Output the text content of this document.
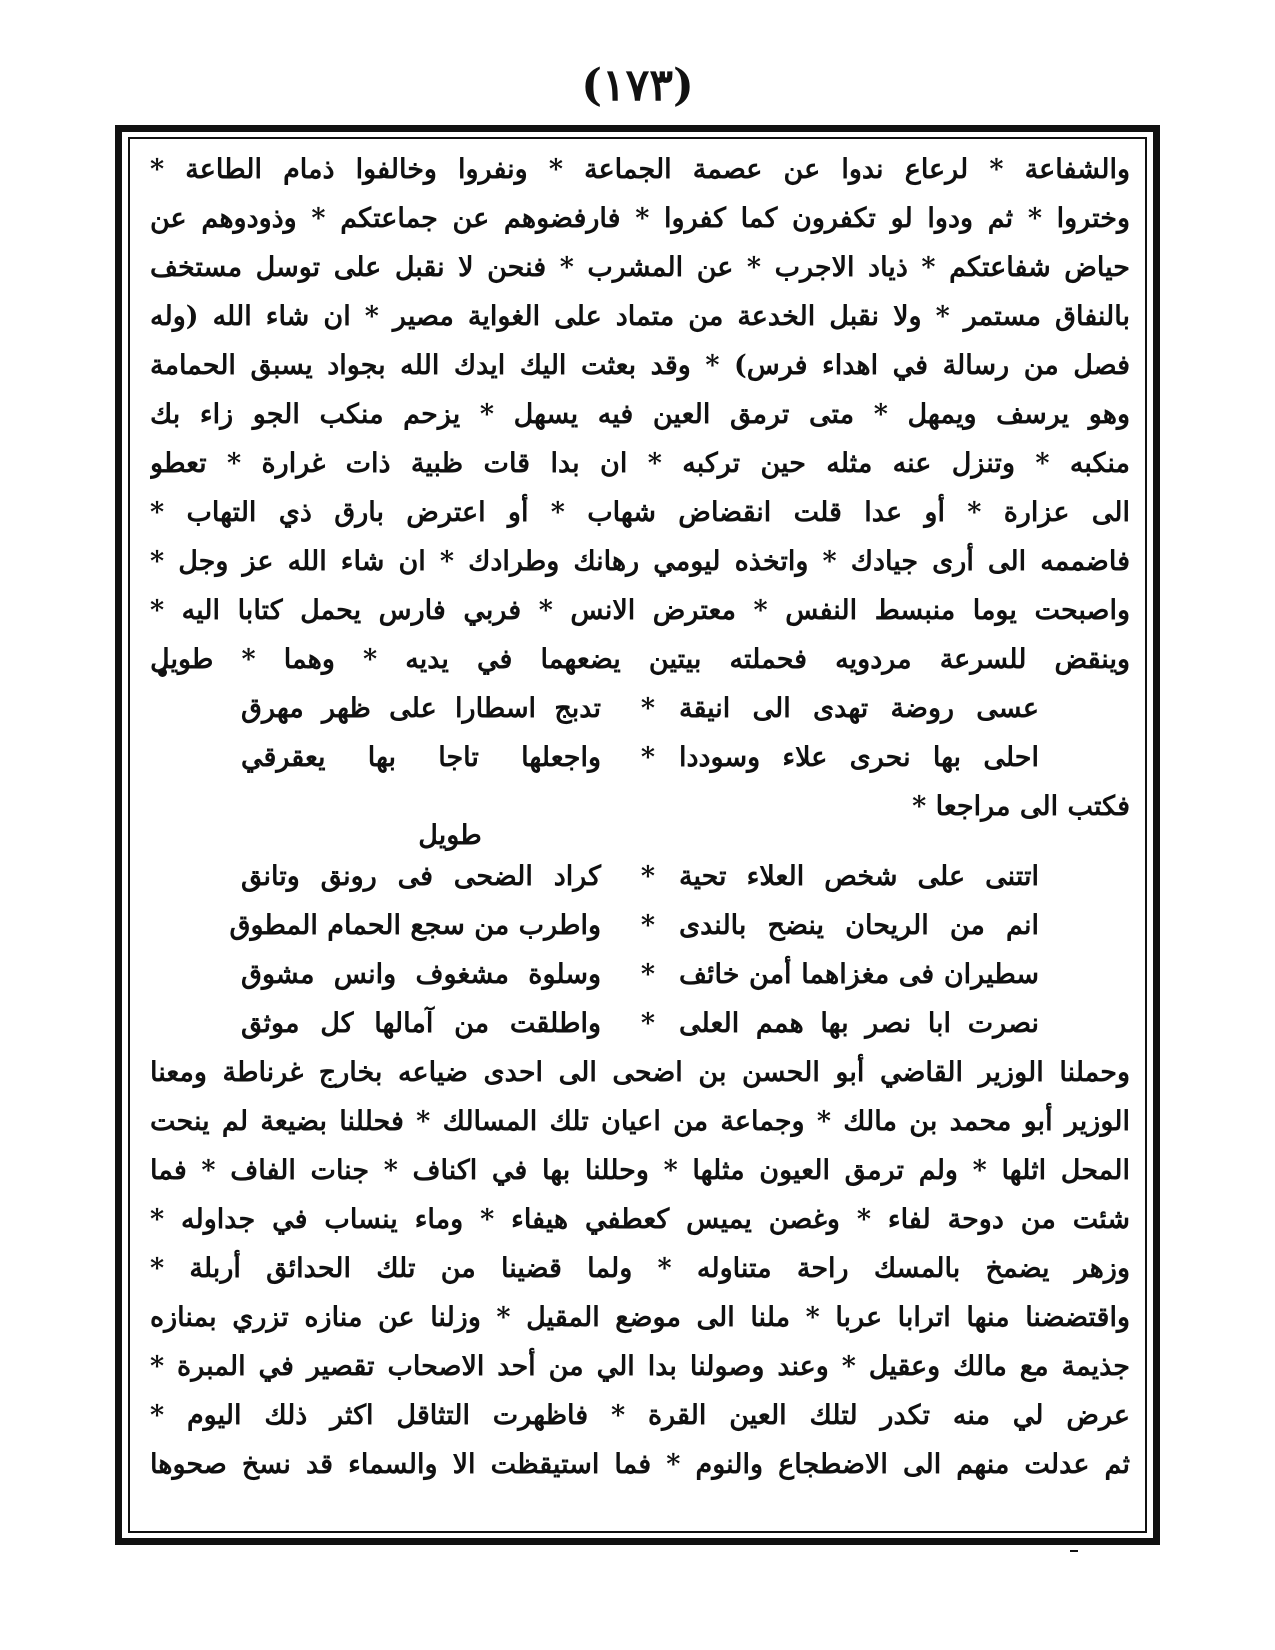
(١٧٣)
والشفاعة * لرعاع ندوا عن عصمة الجماعة * ونفروا وخالفوا ذمام الطاعة *
وختروا * ثم ودوا لو تكفرون كما كفروا * فارفضوهم عن جماعتكم * وذودوهم عن
حياض شفاعتكم * ذياد الاجرب * عن المشرب * فنحن لا نقبل على توسل مستخف
بالنفاق مستمر * ولا نقبل الخدعة من متماد على الغواية مصير * ان شاء الله (وله
فصل من رسالة في اهداء فرس) * وقد بعثت اليك ايدك الله بجواد يسبق الحمامة
وهو يرسف ويمهل * متى ترمق العين فيه يسهل * يزحم منكب الجو زاء بك
منكبه * وتنزل عنه مثله حين تركبه * ان بدا قات ظبية ذات غرارة * تعطو
الى عزارة * أو عدا قلت انقضاض شهاب * أو اعترض بارق ذي التهاب *
فاضممه الى أرى جيادك * واتخذه ليومي رهانك وطرادك * ان شاء الله عز وجل *
واصبحت يوما منبسط النفس * معترض الانس * فربي فارس يحمل كتابا اليه *
وينقض للسرعة مردويه فحملته بيتين يضعهما في يديه * وهما * طويل
عسى روضة تهدى الى انيقة
*
تدبج اسطارا على ظهر مهرق
احلى بها نحرى علاء وسوددا
*
واجعلها تاجا بها يعقرقي
فكتب الى مراجعا *
طويل
اتتنى على شخص العلاء تحية
*
كراد الضحى فى رونق وتانق
انم من الريحان ينضح بالندى
*
واطرب من سجع الحمام المطوق
سطيران فى مغزاهما أمن خائف
*
وسلوة مشغوف وانس مشوق
نصرت ابا نصر بها همم العلى
*
واطلقت من آمالها كل موثق
وحملنا الوزير القاضي أبو الحسن بن اضحى الى احدى ضياعه بخارج غرناطة ومعنا
الوزير أبو محمد بن مالك * وجماعة من اعيان تلك المسالك * فحللنا بضيعة لم ينحت
المحل اثلها * ولم ترمق العيون مثلها * وحللنا بها في اكناف * جنات الفاف * فما
شئت من دوحة لفاء * وغصن يميس كعطفي هيفاء * وماء ينساب في جداوله *
وزهر يضمخ بالمسك راحة متناوله * ولما قضينا من تلك الحدائق أربلة *
واقتضضنا منها اترابا عربا * ملنا الى موضع المقيل * وزلنا عن منازه تزري بمنازه
جذيمة مع مالك وعقيل * وعند وصولنا بدا الي من أحد الاصحاب تقصير في المبرة *
عرض لي منه تكدر لتلك العين القرة * فاظهرت التثاقل اكثر ذلك اليوم *
ثم عدلت منهم الى الاضطجاع والنوم * فما استيقظت الا والسماء قد نسخ صحوها
